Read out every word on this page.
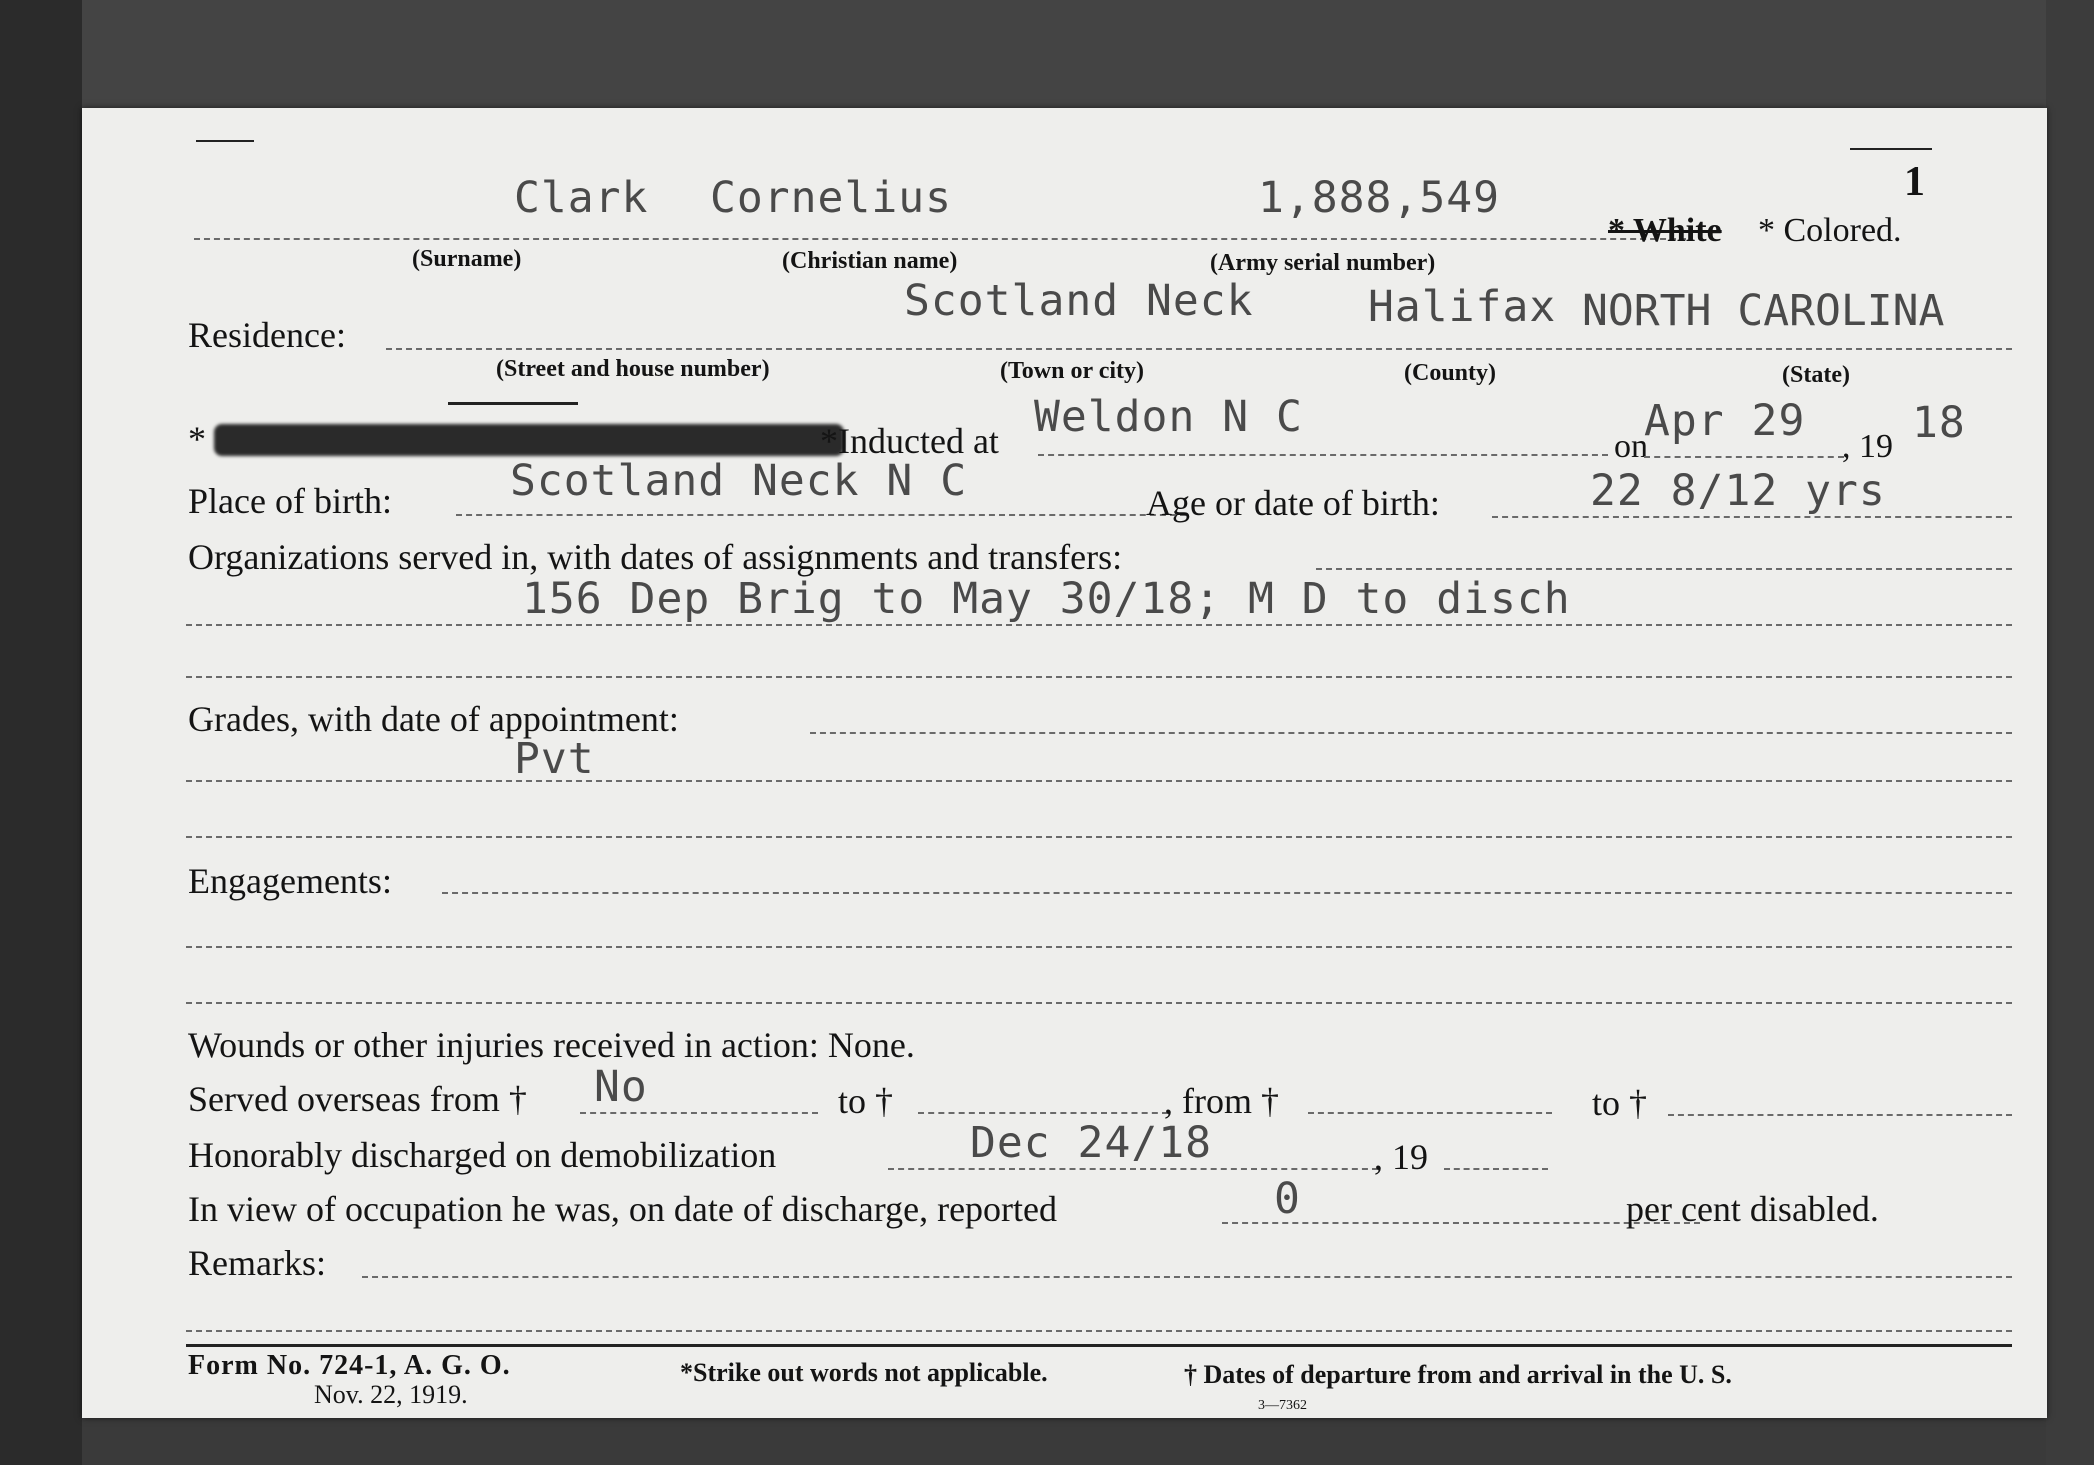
1
Clark Cornelius	1,888,549
* White * Colored.
(Surname)	(Christian name)	(Army serial number)
Scotland Neck	Halifax NORTH CAROLINA
Residence:
(Street and house number)	(Town or city)	(County)	(State)
*	*Inducted at Weldon N C
on
Apr 29
, 19 18
Scotland Neck N C
Place of birth:	Age or date of birth:	22 8/12 yrs
Organizations served in, with dates of assignments and transfers:
156 Dep Brig to May 30/18; M D to disch
Grades, with date of appointment:
Pvt
Engagements:
Wounds or other injuries received in action: None.
Served overseas from † No	to †	, from †	to †
Honorably discharged on demobilization	Dec 24/18	, 19
In view of occupation he was, on date of discharge, reported	0	per cent disabled.
Remarks:
Form No. 724-1, A. G. O.
Nov. 22, 1919.
*Strike out words not applicable.	† Dates of departure from and arrival in the U. S.
3—7362
